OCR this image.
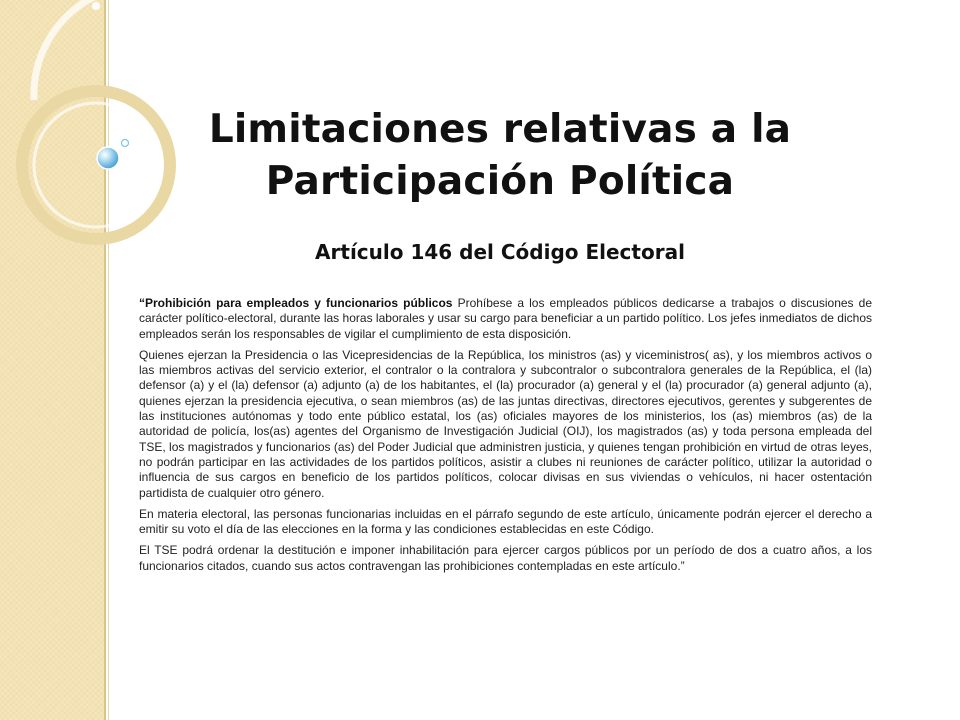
Limitaciones relativas a la
Participación Política
Artículo 146 del Código Electoral

“Prohibición para empleados y funcionarios públicos Prohíbese a los empleados públicos dedicarse a trabajos o discusiones de carácter político-electoral, durante las horas laborales y usar su cargo para beneficiar a un partido político. Los jefes inmediatos de dichos empleados serán los responsables de vigilar el cumplimiento de esta disposición.

Quienes ejerzan la Presidencia o las Vicepresidencias de la República, los ministros (as) y viceministros( as), y los miembros activos o las miembros activas del servicio exterior, el contralor o la contralora y subcontralor o subcontralora generales de la República, el (la) defensor (a) y el (la) defensor (a) adjunto (a) de los habitantes, el (la) procurador (a) general y el (la) procurador (a) general adjunto (a), quienes ejerzan la presidencia ejecutiva, o sean miembros (as) de las juntas directivas, directores ejecutivos, gerentes y subgerentes de las instituciones autónomas y todo ente público estatal, los (as) oficiales mayores de los ministerios, los (as) miembros (as) de la autoridad de policía, los(as) agentes del Organismo de Investigación Judicial (OIJ), los magistrados (as) y toda persona empleada del TSE, los magistrados y funcionarios (as) del Poder Judicial que administren justicia, y quienes tengan prohibición en virtud de otras leyes, no podrán participar en las actividades de los partidos políticos, asistir a clubes ni reuniones de carácter político, utilizar la autoridad o influencia de sus cargos en beneficio de los partidos políticos, colocar divisas en sus viviendas o vehículos, ni hacer ostentación partidista de cualquier otro género.

En materia electoral, las personas funcionarias incluidas en el párrafo segundo de este artículo, únicamente podrán ejercer el derecho a emitir su voto el día de las elecciones en la forma y las condiciones establecidas en este Código.

El TSE podrá ordenar la destitución e imponer inhabilitación para ejercer cargos públicos por un período de dos a cuatro años, a los funcionarios citados, cuando sus actos contravengan las prohibiciones contempladas en este artículo.”
